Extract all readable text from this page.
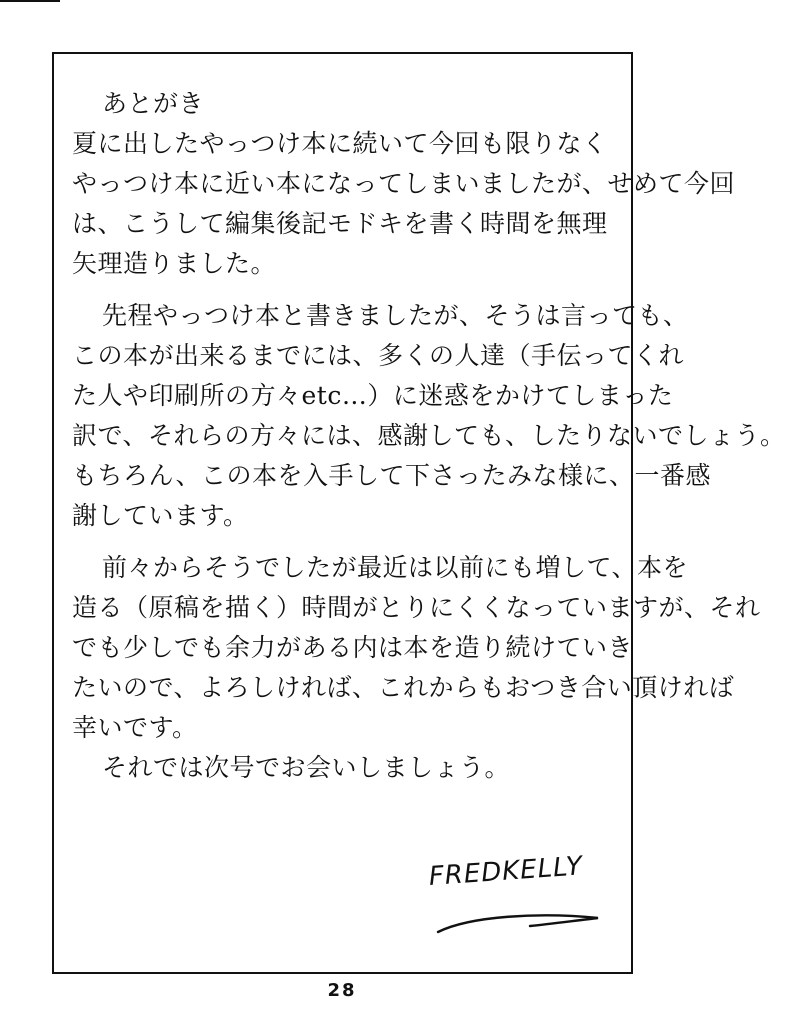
あとがき
夏に出したやっつけ本に続いて今回も限りなく
やっつけ本に近い本になってしまいましたが、せめて今回
は、こうして編集後記モドキを書く時間を無理
矢理造りました。
先程やっつけ本と書きましたが、そうは言っても、
この本が出来るまでには、多くの人達（手伝ってくれ
た人や印刷所の方々etc…）に迷惑をかけてしまった
訳で、それらの方々には、感謝しても、したりないでしょう。
もちろん、この本を入手して下さったみな様に、一番感
謝しています。
前々からそうでしたが最近は以前にも増して、本を
造る（原稿を描く）時間がとりにくくなっていますが、それ
でも少しでも余力がある内は本を造り続けていき
たいので、よろしければ、これからもおつき合い頂ければ
幸いです。
それでは次号でお会いしましょう。
FREDKELLY
28
